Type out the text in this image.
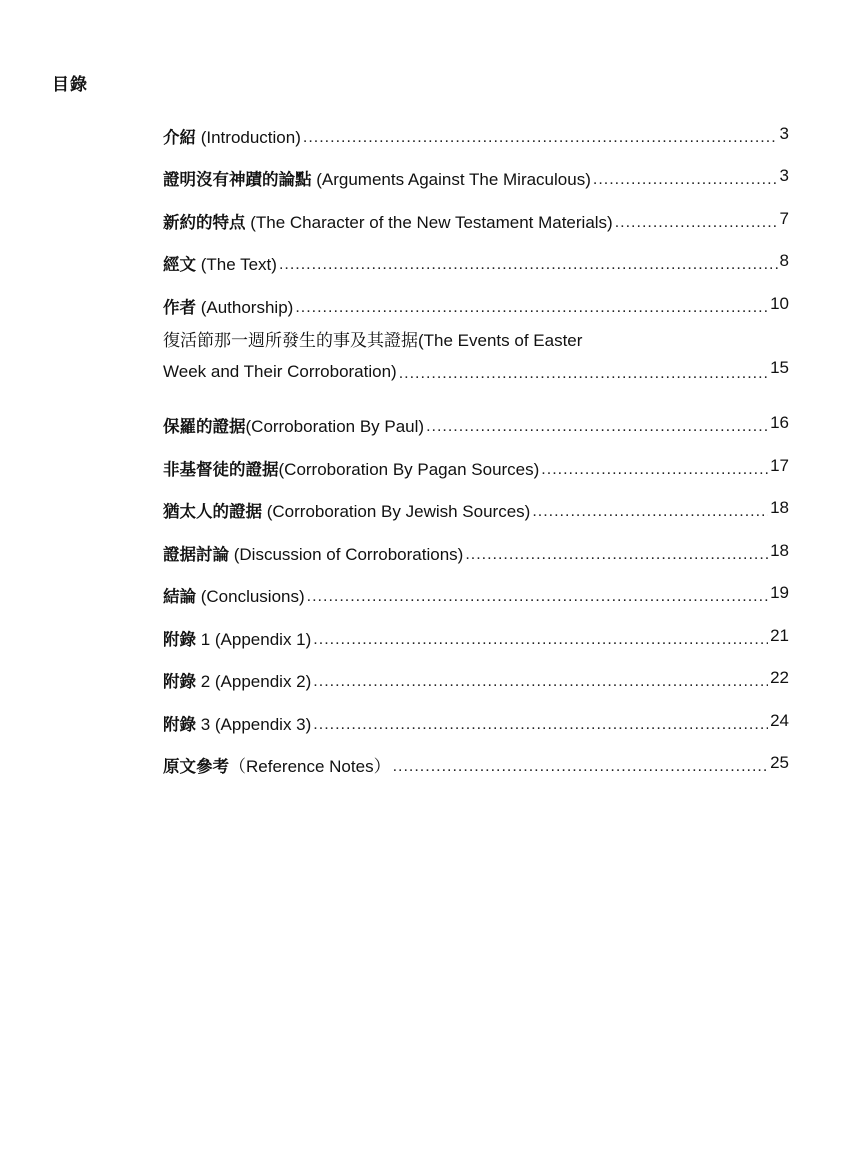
目錄
介紹 (Introduction) .....	3
證明沒有神蹟的論點 (Arguments Against The Miraculous) .....	3
新約的特点 (The Character of the New Testament Materials) .....	7
經文 (The Text) .....	8
作者 (Authorship) .....	10
復活節那一週所發生的事及其證据(The Events of Easter
Week and Their Corroboration) .....	15
保羅的證据(Corroboration By Paul) .....	16
非基督徒的證据(Corroboration By Pagan Sources) .....	17
猶太人的證据 (Corroboration By Jewish Sources) .....	18
證据討論 (Discussion of Corroborations) .....	18
結論 (Conclusions) .....	19
附錄 1 (Appendix 1) .....	21
附錄 2 (Appendix 2) .....	22
附錄 3 (Appendix 3) .....	24
原文參考（Reference Notes） .....	25
